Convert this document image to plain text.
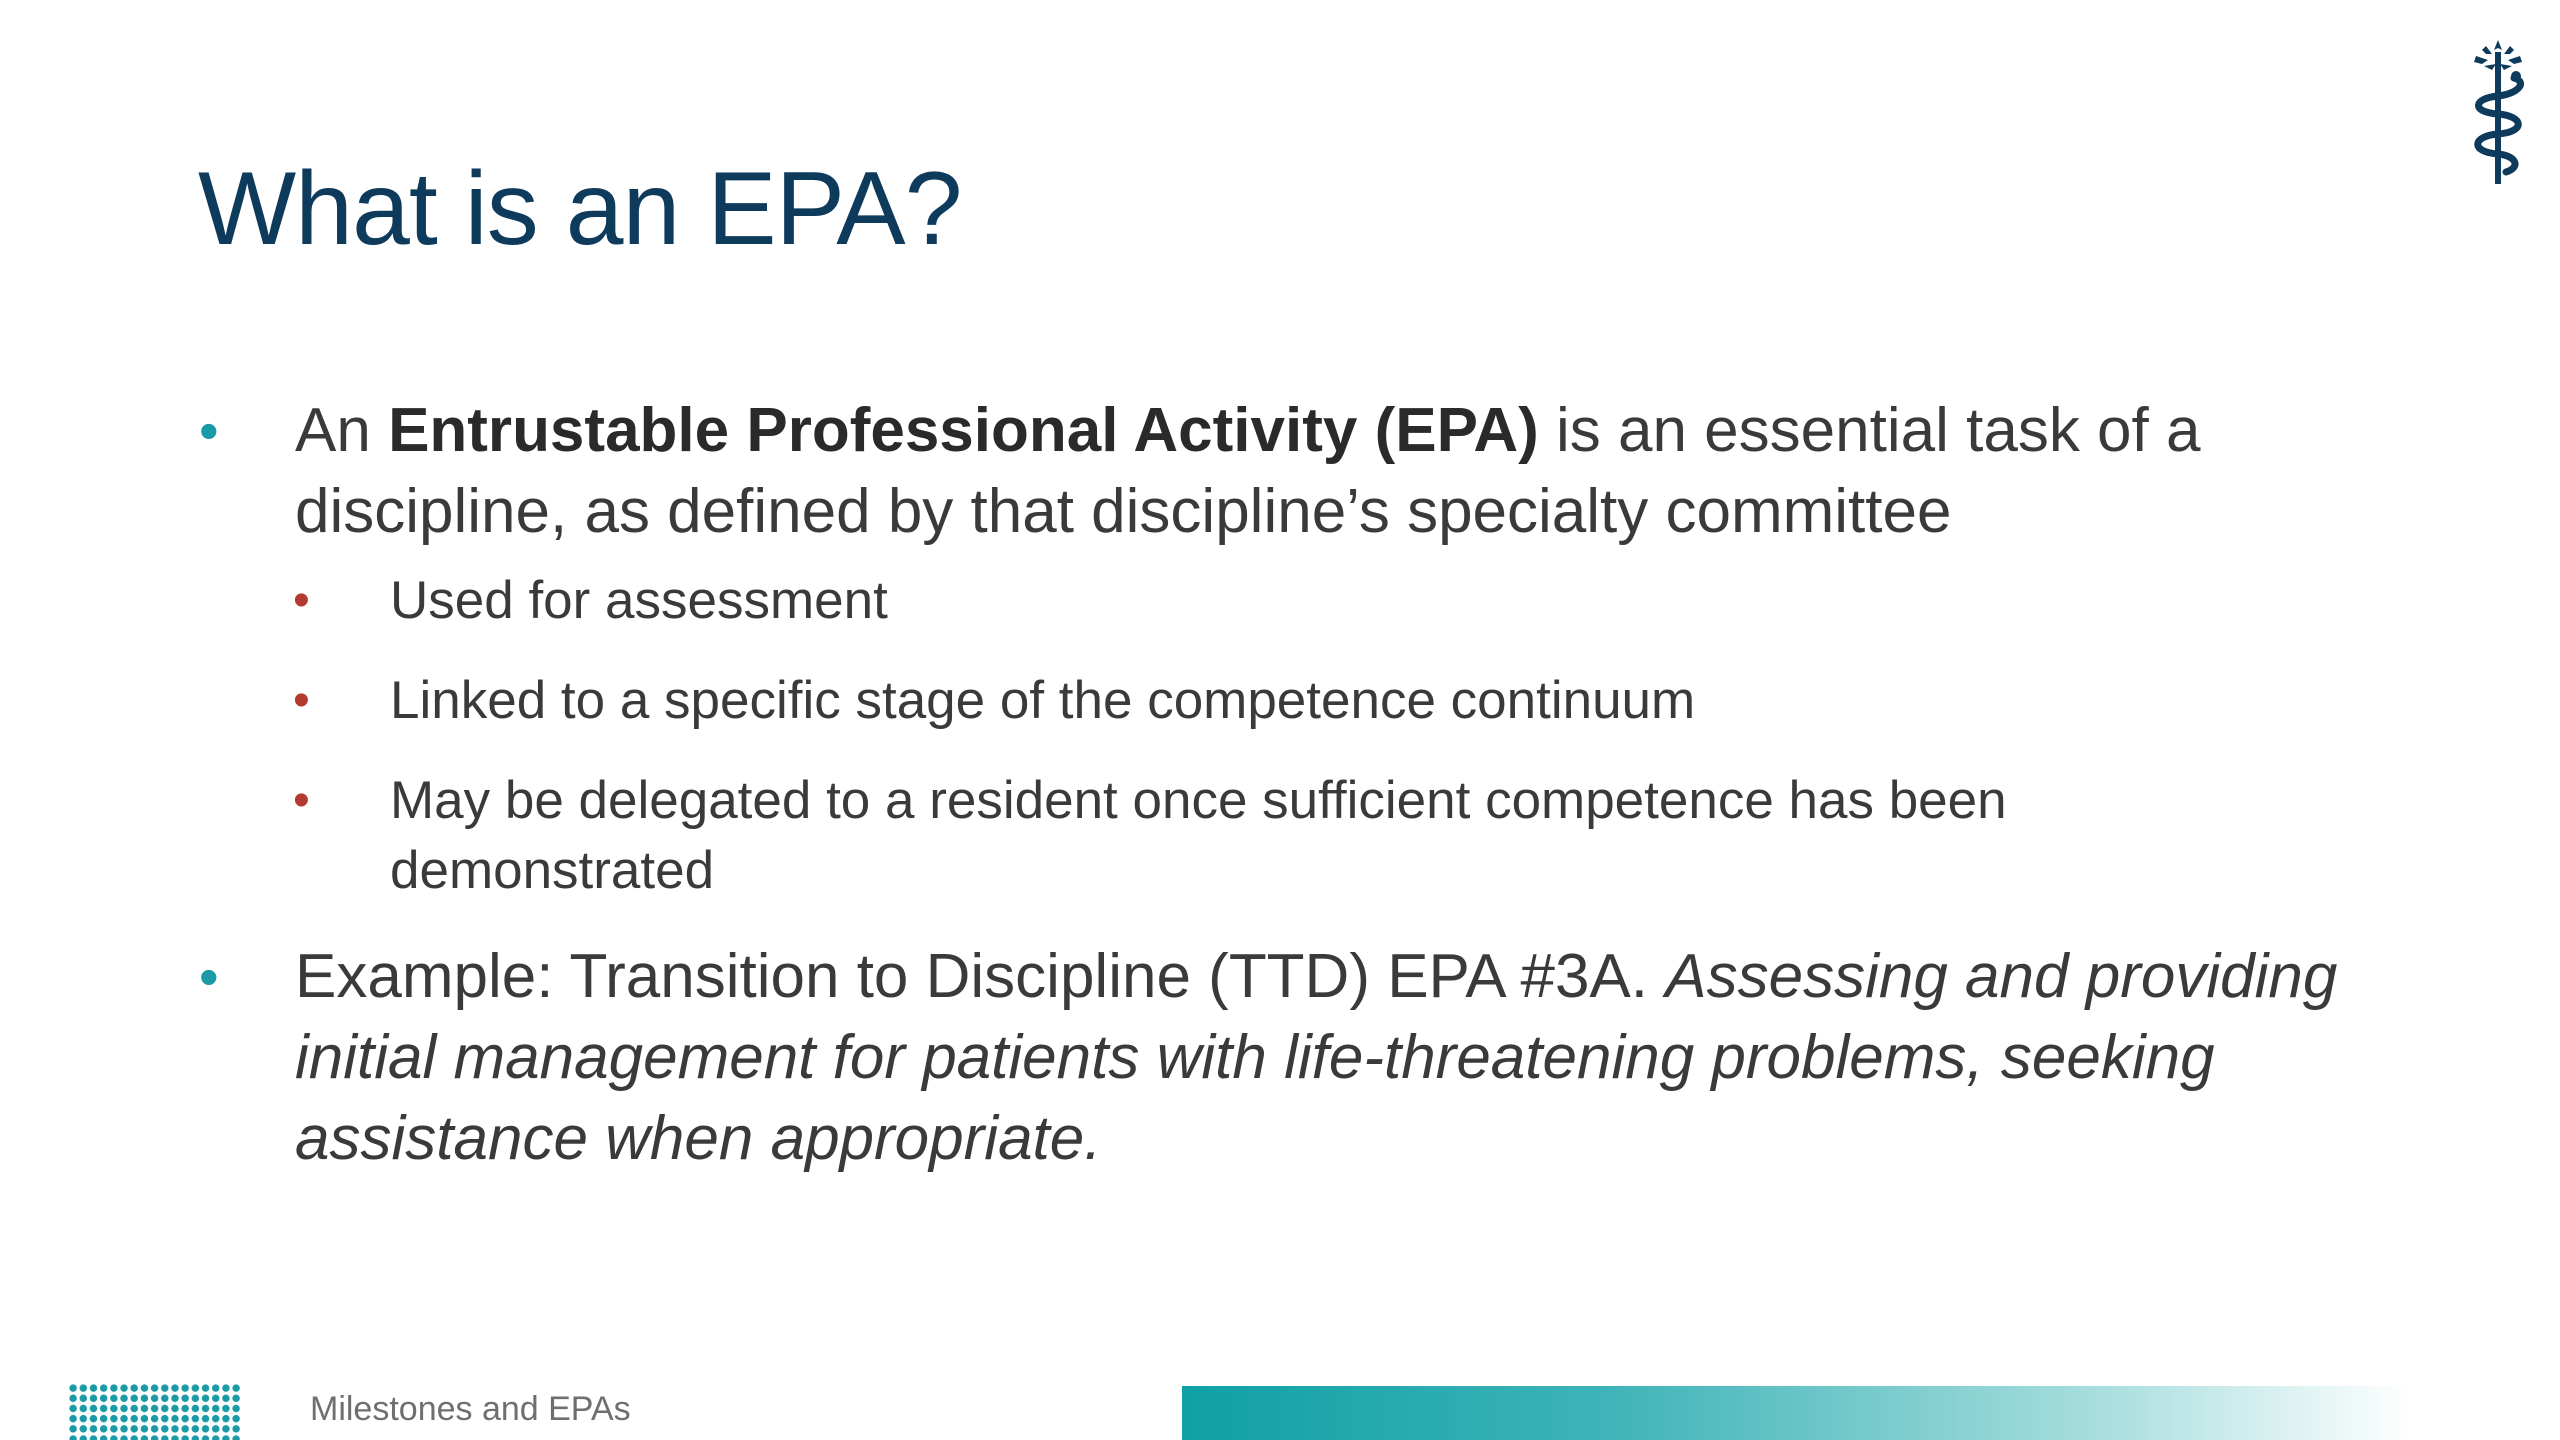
What is an EPA?
• An Entrustable Professional Activity (EPA) is an essential task of a discipline, as defined by that discipline’s specialty committee
• Used for assessment
• Linked to a specific stage of the competence continuum
• May be delegated to a resident once sufficient competence has been demonstrated
• Example: Transition to Discipline (TTD) EPA #3A. Assessing and providing initial management for patients with life-threatening problems, seeking assistance when appropriate.
Milestones and EPAs
